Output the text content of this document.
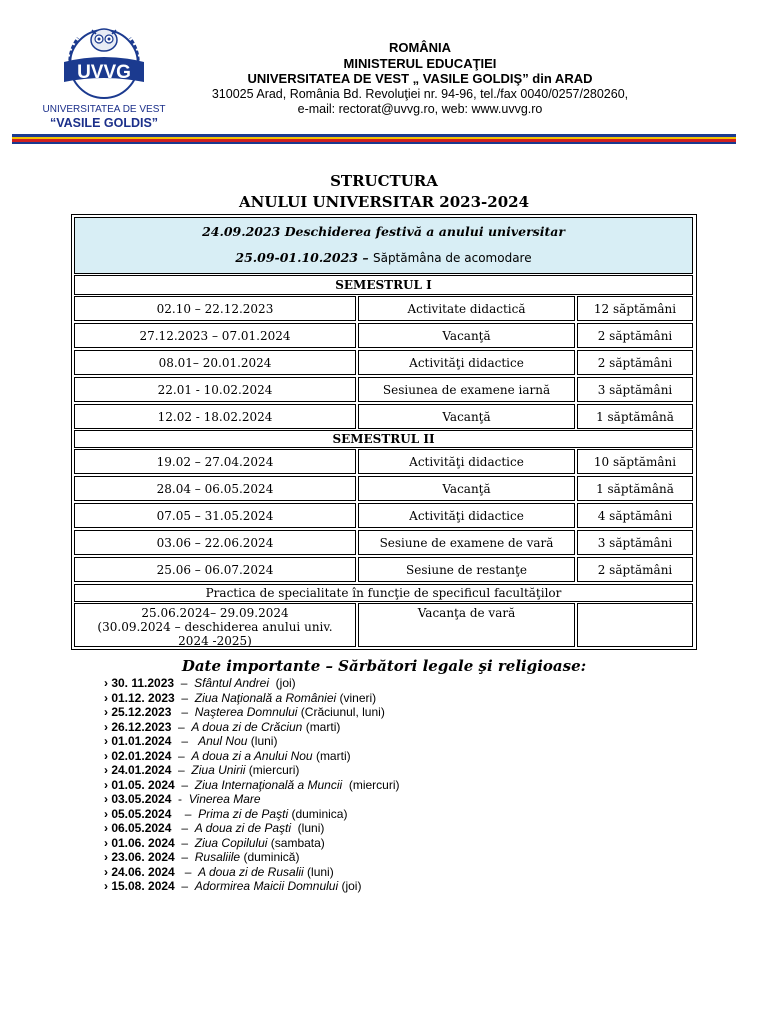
UVVG
UNIVERSITATEA DE VEST
“VASILE GOLDIS”
ROMÂNIA
MINISTERUL EDUCAŢIEI
UNIVERSITATEA DE VEST „ VASILE GOLDIŞ” din ARAD
310025 Arad, România Bd. Revoluţiei nr. 94-96, tel./fax 0040/0257/280260,
e-mail: rectorat@uvvg.ro, web: www.uvvg.ro
STRUCTURA
ANULUI UNIVERSITAR 2023-2024
24.09.2023 Deschiderea festivă a anului universitar
25.09-01.10.2023 – Săptămâna de acomodare
SEMESTRUL I
02.10 – 22.12.2023	Activitate didactică	12 săptămâni
27.12.2023 – 07.01.2024	Vacanţă	2 săptămâni
08.01– 20.01.2024	Activităţi didactice	2 săptămâni
22.01 - 10.02.2024	Sesiunea de examene iarnă	3 săptămâni
12.02 - 18.02.2024	Vacanţă	1 săptămână
SEMESTRUL II
19.02 – 27.04.2024	Activităţi didactice	10 săptămâni
28.04 – 06.05.2024	Vacanţă	1 săptămână
07.05 – 31.05.2024	Activităţi didactice	4 săptămâni
03.06 – 22.06.2024	Sesiune de examene de vară	3 săptămâni
25.06 – 06.07.2024	Sesiune de restanţe	2 săptămâni
Practica de specialitate în funcţie de specificul facultăţilor
25.06.2024– 29.09.2024
(30.09.2024 – deschiderea anului univ.
2024 -2025)
Vacanţa de vară
Date importante – Sărbători legale şi religioase:
› 30. 11.2023  –  Sfântul Andrei  (joi)
› 01.12. 2023  –  Ziua Naţională a României (vineri)
› 25.12.2023   –  Naşterea Domnului (Crăciunul, luni)
› 26.12.2023  –  A doua zi de Crăciun (marti)
› 01.01.2024   –   Anul Nou (luni)
› 02.01.2024  –  A doua zi a Anului Nou (marti)
› 24.01.2024  –  Ziua Unirii (miercuri)
› 01.05. 2024  –  Ziua Internaţională a Muncii  (miercuri)
› 03.05.2024  -  Vinerea Mare
› 05.05.2024    –  Prima zi de Paşti (duminica)
› 06.05.2024   –  A doua zi de Paşti  (luni)
› 01.06. 2024  –  Ziua Copilului (sambata)
› 23.06. 2024  –  Rusaliile (duminică)
› 24.06. 2024   –  A doua zi de Rusalii (luni)
› 15.08. 2024  –  Adormirea Maicii Domnului (joi)
